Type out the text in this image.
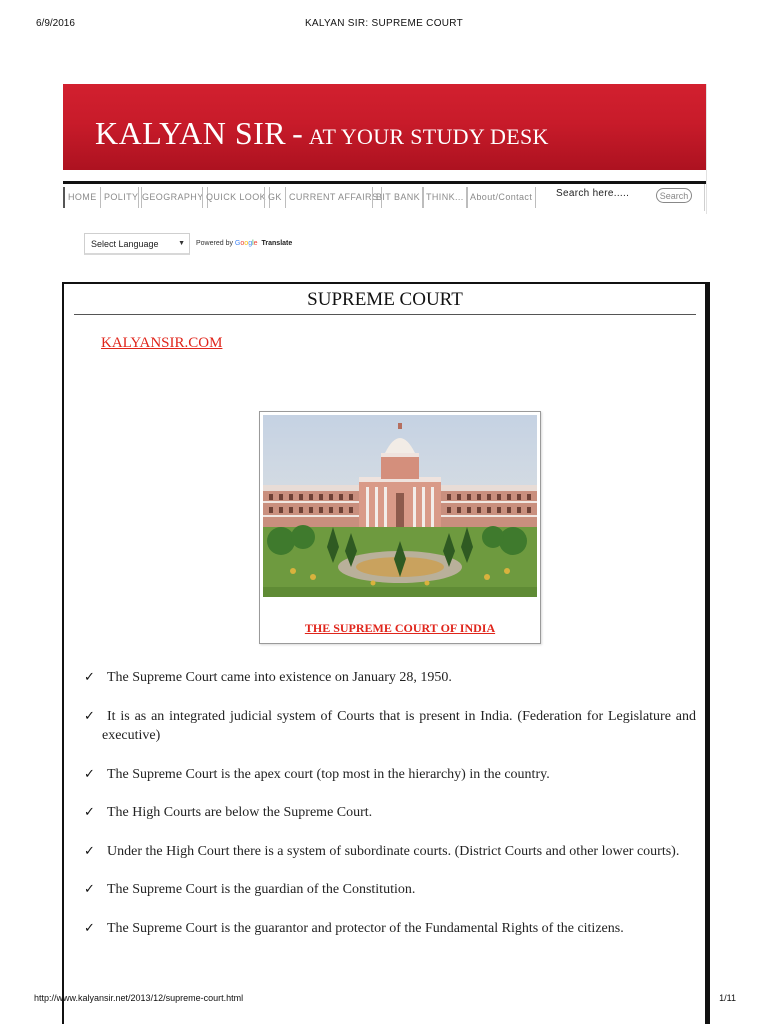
6/9/2016	KALYAN SIR: SUPREME COURT
KALYAN SIR - AT YOUR STUDY DESK
HOME POLITY GEOGRAPHY QUICK LOOK GK CURRENT AFFAIRS
BIT BANK THINK... About/Contact	Search here.....	Search
Select Language	▼ Powered by Google Translate
SUPREME COURT
KALYANSIR.COM
THE SUPREME COURT OF INDIA
✓ The Supreme Court came into existence on January 28, 1950.
✓ It is as an integrated judicial system of Courts that is present in India. (Federation for Legislature and executive)
✓ The Supreme Court is the apex court (top most in the hierarchy) in the country.
✓ The High Courts are below the Supreme Court.
✓ Under the High Court there is a system of subordinate courts. (District Courts and other lower courts).
✓ The Supreme Court is the guardian of the Constitution.
✓ The Supreme Court is the guarantor and protector of the Fundamental Rights of the citizens.
http://www.kalyansir.net/2013/12/supreme-court.html	1/11
